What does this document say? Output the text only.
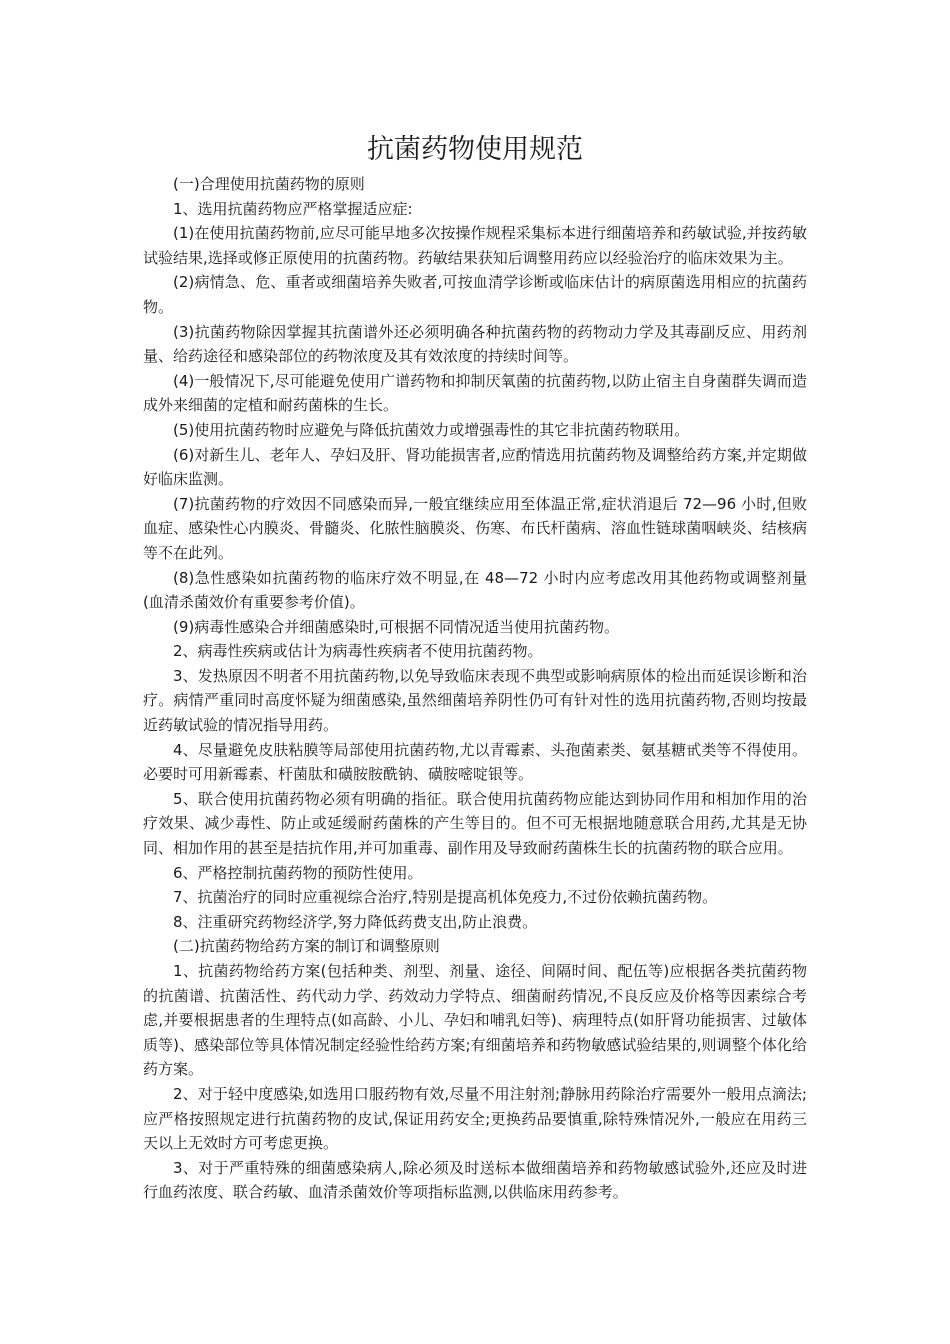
抗菌药物使用规范

(一)合理使用抗菌药物的原则

1、选用抗菌药物应严格掌握适应症:

(1)在使用抗菌药物前,应尽可能早地多次按操作规程采集标本进行细菌培养和药敏试验,并按药敏试验结果,选择或修正原使用的抗菌药物。药敏结果获知后调整用药应以经验治疗的临床效果为主。

(2)病情急、危、重者或细菌培养失败者,可按血清学诊断或临床估计的病原菌选用相应的抗菌药物。

(3)抗菌药物除因掌握其抗菌谱外还必须明确各种抗菌药物的药物动力学及其毒副反应、用药剂量、给药途径和感染部位的药物浓度及其有效浓度的持续时间等。

(4)一般情况下,尽可能避免使用广谱药物和抑制厌氧菌的抗菌药物,以防止宿主自身菌群失调而造成外来细菌的定植和耐药菌株的生长。

(5)使用抗菌药物时应避免与降低抗菌效力或增强毒性的其它非抗菌药物联用。

(6)对新生儿、老年人、孕妇及肝、肾功能损害者,应酌情选用抗菌药物及调整给药方案,并定期做好临床监测。

(7)抗菌药物的疗效因不同感染而异,一般宜继续应用至体温正常,症状消退后 72—96 小时,但败血症、感染性心内膜炎、骨髓炎、化脓性脑膜炎、伤寒、布氏杆菌病、溶血性链球菌咽峡炎、结核病等不在此列。

(8)急性感染如抗菌药物的临床疗效不明显,在 48—72 小时内应考虑改用其他药物或调整剂量(血清杀菌效价有重要参考价值)。

(9)病毒性感染合并细菌感染时,可根据不同情况适当使用抗菌药物。

2、病毒性疾病或估计为病毒性疾病者不使用抗菌药物。

3、发热原因不明者不用抗菌药物,以免导致临床表现不典型或影响病原体的检出而延误诊断和治疗。病情严重同时高度怀疑为细菌感染,虽然细菌培养阴性仍可有针对性的选用抗菌药物,否则均按最近药敏试验的情况指导用药。

4、尽量避免皮肤粘膜等局部使用抗菌药物,尤以青霉素、头孢菌素类、氨基糖甙类等不得使用。必要时可用新霉素、杆菌肽和磺胺胺酰钠、磺胺嘧啶银等。

5、联合使用抗菌药物必须有明确的指征。联合使用抗菌药物应能达到协同作用和相加作用的治疗效果、减少毒性、防止或延缓耐药菌株的产生等目的。但不可无根据地随意联合用药,尤其是无协同、相加作用的甚至是拮抗作用,并可加重毒、副作用及导致耐药菌株生长的抗菌药物的联合应用。

6、严格控制抗菌药物的预防性使用。

7、抗菌治疗的同时应重视综合治疗,特别是提高机体免疫力,不过份依赖抗菌药物。

8、注重研究药物经济学,努力降低药费支出,防止浪费。

(二)抗菌药物给药方案的制订和调整原则

1、抗菌药物给药方案(包括种类、剂型、剂量、途径、间隔时间、配伍等)应根据各类抗菌药物的抗菌谱、抗菌活性、药代动力学、药效动力学特点、细菌耐药情况,不良反应及价格等因素综合考虑,并要根据患者的生理特点(如高龄、小儿、孕妇和哺乳妇等)、病理特点(如肝肾功能损害、过敏体质等)、感染部位等具体情况制定经验性给药方案;有细菌培养和药物敏感试验结果的,则调整个体化给药方案。

2、对于轻中度感染,如选用口服药物有效,尽量不用注射剂;静脉用药除治疗需要外一般用点滴法;应严格按照规定进行抗菌药物的皮试,保证用药安全;更换药品要慎重,除特殊情况外,一般应在用药三天以上无效时方可考虑更换。

3、对于严重特殊的细菌感染病人,除必须及时送标本做细菌培养和药物敏感试验外,还应及时进行血药浓度、联合药敏、血清杀菌效价等项指标监测,以供临床用药参考。
